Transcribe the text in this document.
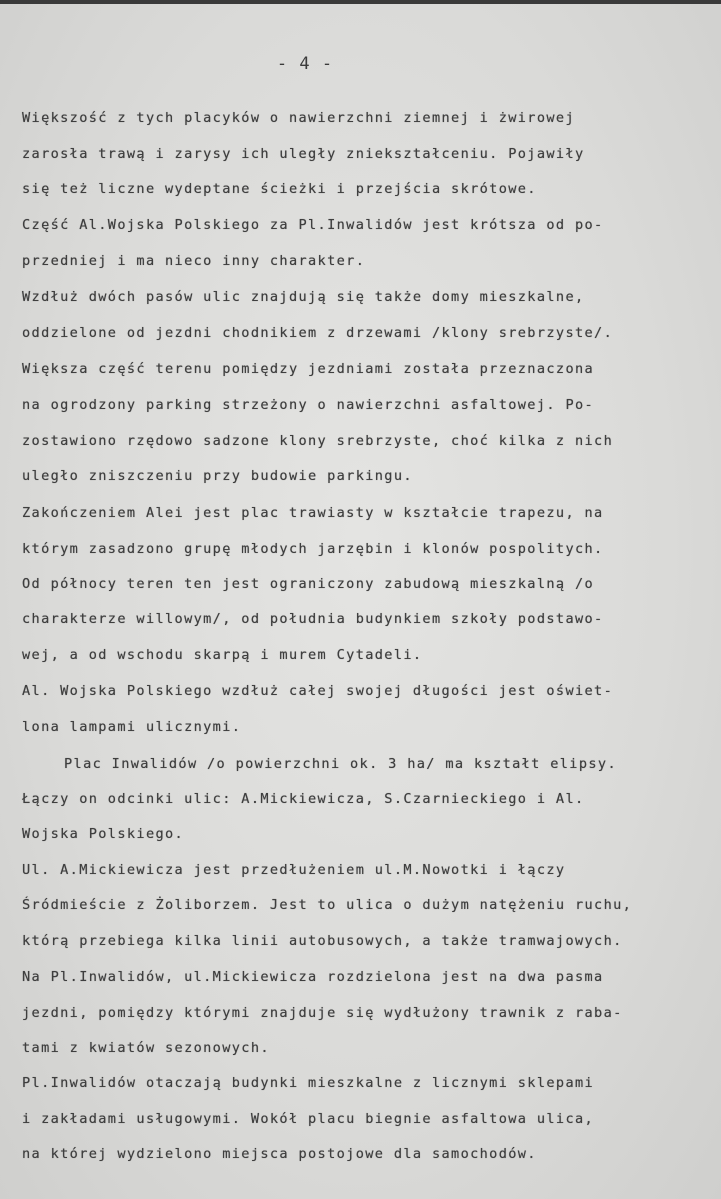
- 4 -
Większość z tych placyków o nawierzchni ziemnej i żwirowej
zarosła trawą i zarysy ich uległy zniekształceniu. Pojawiły
się też liczne wydeptane ścieżki i przejścia skrótowe.
Część Al.Wojska Polskiego za Pl.Inwalidów jest krótsza od po-
przedniej i ma nieco inny charakter.
Wzdłuż dwóch pasów ulic znajdują się także domy mieszkalne,
oddzielone od jezdni chodnikiem z drzewami /klony srebrzyste/.
Większa część terenu pomiędzy jezdniami została przeznaczona
na ogrodzony parking strzeżony o nawierzchni asfaltowej. Po-
zostawiono rzędowo sadzone klony srebrzyste, choć kilka z nich
uległo zniszczeniu przy budowie parkingu.
Zakończeniem Alei jest plac trawiasty w kształcie trapezu, na
którym zasadzono grupę młodych jarzębin i klonów pospolitych.
Od północy teren ten jest ograniczony zabudową mieszkalną /o
charakterze willowym/, od południa budynkiem szkoły podstawo-
wej, a od wschodu skarpą i murem Cytadeli.
Al. Wojska Polskiego wzdłuż całej swojej długości jest oświet-
lona lampami ulicznymi.
Plac Inwalidów /o powierzchni ok. 3 ha/ ma kształt elipsy.
Łączy on odcinki ulic: A.Mickiewicza, S.Czarnieckiego i Al.
Wojska Polskiego.
Ul. A.Mickiewicza jest przedłużeniem ul.M.Nowotki i łączy
Śródmieście z Żoliborzem. Jest to ulica o dużym natężeniu ruchu,
którą przebiega kilka linii autobusowych, a także tramwajowych.
Na Pl.Inwalidów, ul.Mickiewicza rozdzielona jest na dwa pasma
jezdni, pomiędzy którymi znajduje się wydłużony trawnik z raba-
tami z kwiatów sezonowych.
Pl.Inwalidów otaczają budynki mieszkalne z licznymi sklepami
i zakładami usługowymi. Wokół placu biegnie asfaltowa ulica,
na której wydzielono miejsca postojowe dla samochodów.
